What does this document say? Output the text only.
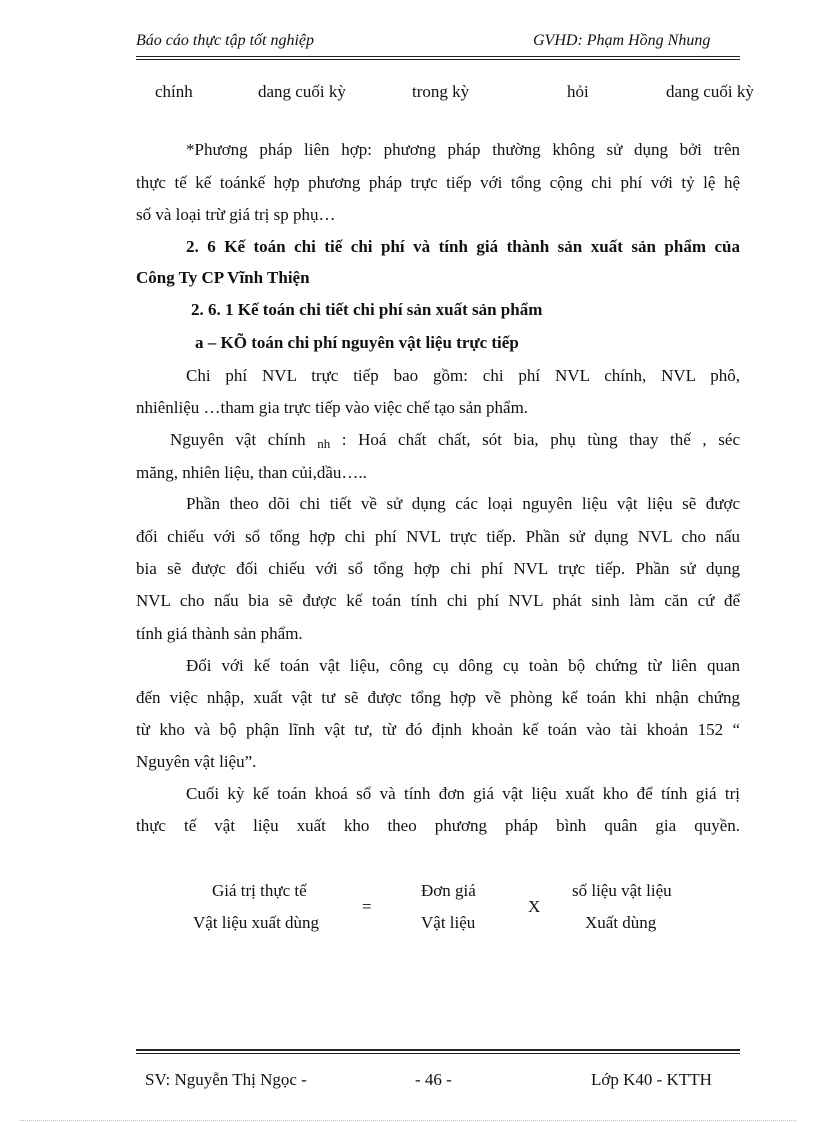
Báo cáo thực tập tốt nghiệp	GVHD: Phạm Hồng Nhung
chính	dang cuối kỳ	trong kỳ	hỏi	dang cuối kỳ
*Phương pháp liên hợp: phương pháp thường không sử dụng bởi trên
thực tế kế toánkế hợp phương pháp trực tiếp với tổng cộng chi phí với tỷ lệ hệ
số và loại trừ giá trị sp phụ…
2. 6 Kế toán chi tiế chi phí và tính giá thành sản xuất sản phẩm của
Công Ty CP Vĩnh Thiện
2. 6. 1 Kế toán chi tiết chi phí sản xuất sản phẩm
a – KÕ toán chi phí nguyên vật liệu trực tiếp
Chi phí NVL trực tiếp bao gồm: chi phí NVL chính, NVL phô,
nhiênliệu …tham gia trực tiếp vào việc chế tạo sản phẩm.
Nguyên vật chính nh : Hoá chất chất, sót bia, phụ tùng thay thế , séc
măng, nhiên liệu, than củi,dầu…..
Phần theo dõi chi tiết về sử dụng các loại nguyên liệu vật liệu sẽ được
đối chiếu với sổ tổng hợp chi phí NVL trực tiếp. Phần sử dụng NVL cho nấu
bia sẽ được đối chiếu với sổ tổng hợp chi phí NVL trực tiếp. Phần sử dụng
NVL cho nấu bia sẽ được kế toán tính chi phí NVL phát sinh làm căn cứ để
tính giá thành sản phẩm.
Đối với kế toán vật liệu, công cụ dông cụ toàn bộ chứng từ liên quan
đến việc nhập, xuất vật tư sẽ được tổng hợp về phòng kế toán khi nhận chứng
từ kho và bộ phận lĩnh vật tư, từ đó định khoản kế toán vào tài khoản 152 “
Nguyên vật liệu”.
Cuối kỳ kế toán khoá sổ và tính đơn giá vật liệu xuất kho để tính giá trị
thực tế vật liệu xuất kho theo phương pháp bình quân gia quyền.
Giá trị thực tế
Vật liệu xuất dùng
=
Đơn giá
Vật liệu
X
số liệu vật liệu
Xuất dùng
SV: Nguyễn Thị Ngọc -	- 46 -	Lớp K40 - KTTH
